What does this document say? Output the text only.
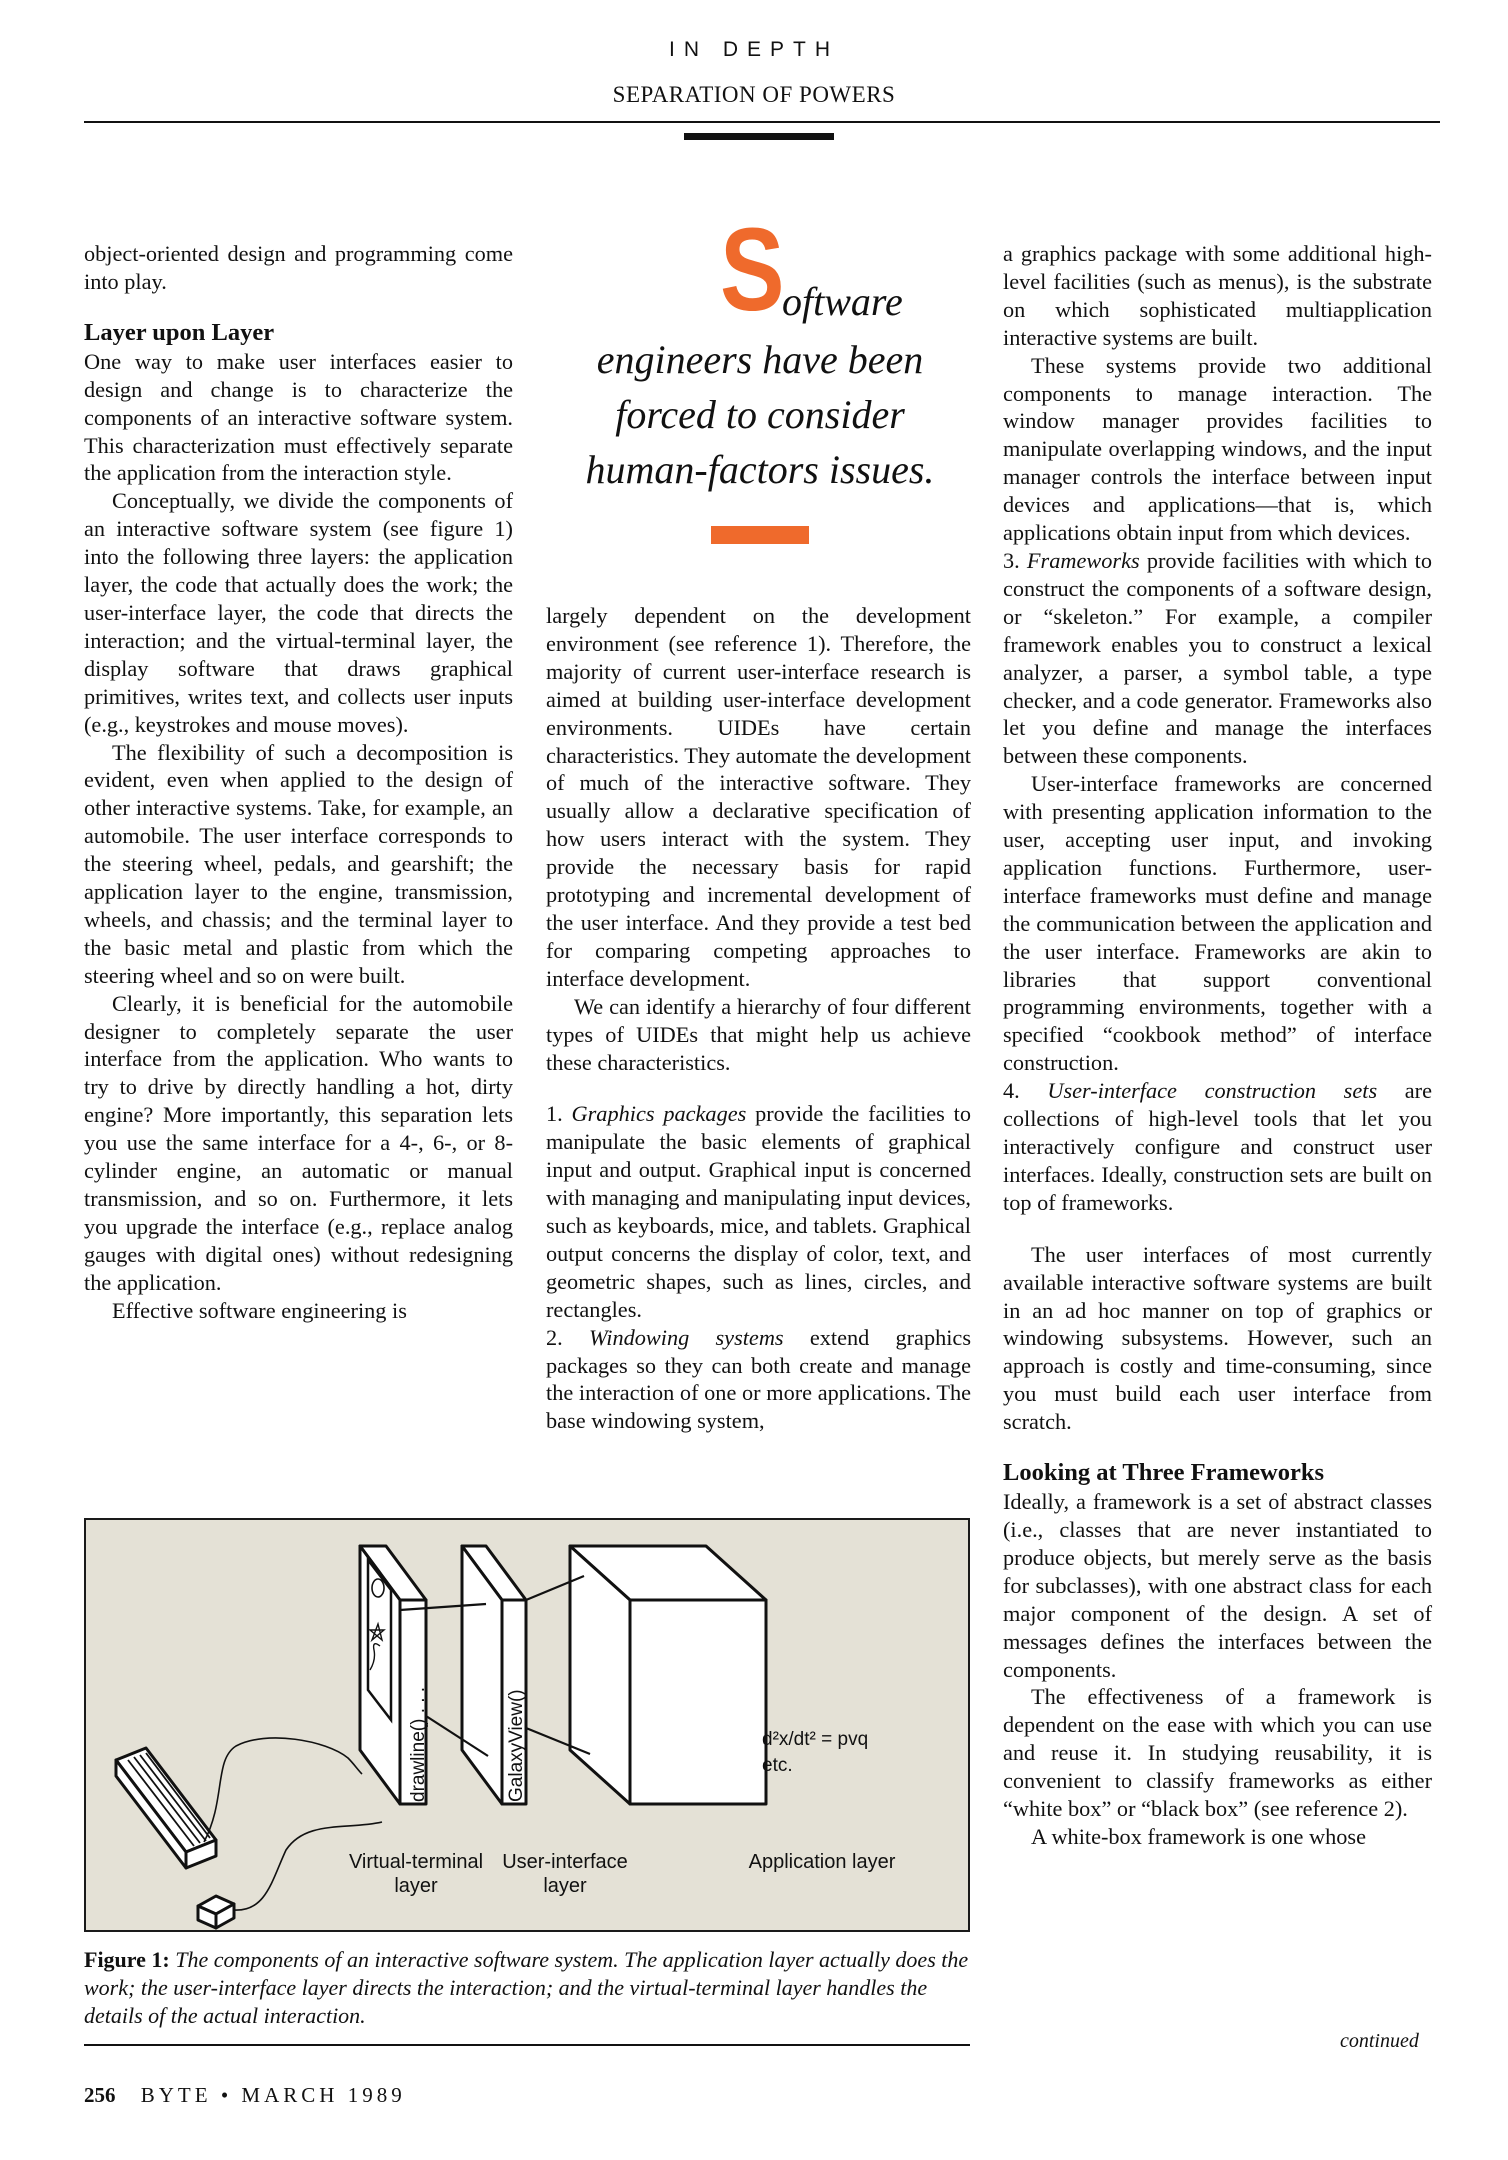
IN DEPTH
SEPARATION OF POWERS

object-oriented design and programming come into play.

Layer upon Layer

One way to make user interfaces easier to design and change is to characterize the components of an interactive software system. This characterization must effectively separate the application from the interaction style.

Conceptually, we divide the components of an interactive software system (see figure 1) into the following three layers: the application layer, the code that actually does the work; the user-interface layer, the code that directs the interaction; and the virtual-terminal layer, the display software that draws graphical primitives, writes text, and collects user inputs (e.g., keystrokes and mouse moves).

The flexibility of such a decomposition is evident, even when applied to the design of other interactive systems. Take, for example, an automobile. The user interface corresponds to the steering wheel, pedals, and gearshift; the application layer to the engine, transmission, wheels, and chassis; and the terminal layer to the basic metal and plastic from which the steering wheel and so on were built.

Clearly, it is beneficial for the automobile designer to completely separate the user interface from the application. Who wants to try to drive by directly handling a hot, dirty engine? More importantly, this separation lets you use the same interface for a 4-, 6-, or 8-cylinder engine, an automatic or manual transmission, and so on. Furthermore, it lets you upgrade the interface (e.g., replace analog gauges with digital ones) without redesigning the application.

Effective software engineering is

S
oftware
engineers have been
forced to consider
human-factors issues.

largely dependent on the development environment (see reference 1). Therefore, the majority of current user-interface research is aimed at building user-interface development environments. UIDEs have certain characteristics. They automate the development of much of the interactive software. They usually allow a declarative specification of how users interact with the system. They provide the necessary basis for rapid prototyping and incremental development of the user interface. And they provide a test bed for comparing competing approaches to interface development.

We can identify a hierarchy of four different types of UIDEs that might help us achieve these characteristics.

1. Graphics packages provide the facilities to manipulate the basic elements of graphical input and output. Graphical input is concerned with managing and manipulating input devices, such as keyboards, mice, and tablets. Graphical output concerns the display of color, text, and geometric shapes, such as lines, circles, and rectangles.

2. Windowing systems extend graphics packages so they can both create and manage the interaction of one or more applications. The base windowing system,

a graphics package with some additional high-level facilities (such as menus), is the substrate on which sophisticated multiapplication interactive systems are built.

These systems provide two additional components to manage interaction. The window manager provides facilities to manipulate overlapping windows, and the input manager controls the interface between input devices and applications—that is, which applications obtain input from which devices.

3. Frameworks provide facilities with which to construct the components of a software design, or “skeleton.” For example, a compiler framework enables you to construct a lexical analyzer, a parser, a symbol table, a type checker, and a code generator. Frameworks also let you define and manage the interfaces between these components.

User-interface frameworks are concerned with presenting application information to the user, accepting user input, and invoking application functions. Furthermore, user-interface frameworks must define and manage the communication between the application and the user interface. Frameworks are akin to libraries that support conventional programming environments, together with a specified “cookbook method” of interface construction.

4. User-interface construction sets are collections of high-level tools that let you interactively configure and construct user interfaces. Ideally, construction sets are built on top of frameworks.

The user interfaces of most currently available interactive software systems are built in an ad hoc manner on top of graphics or windowing subsystems. However, such an approach is costly and time-consuming, since you must build each user interface from scratch.

Looking at Three Frameworks

Ideally, a framework is a set of abstract classes (i.e., classes that are never instantiated to produce objects, but merely serve as the basis for subclasses), with one abstract class for each major component of the design. A set of messages defines the interfaces between the components.

The effectiveness of a framework is dependent on the ease with which you can use and reuse it. In studying reusability, it is convenient to classify frameworks as either “white box” or “black box” (see reference 2).

A white-box framework is one whose

continued
drawline() . . .	GalaxyView()	d²x/dt² = pvq
etc.
Virtual-terminal
layer
User-interface
layer
Application layer
Figure 1: The components of an interactive software system. The application layer actually does the work; the user-interface layer directs the interaction; and the virtual-terminal layer handles the details of the actual interaction.
256 BYTE • MARCH 1989
